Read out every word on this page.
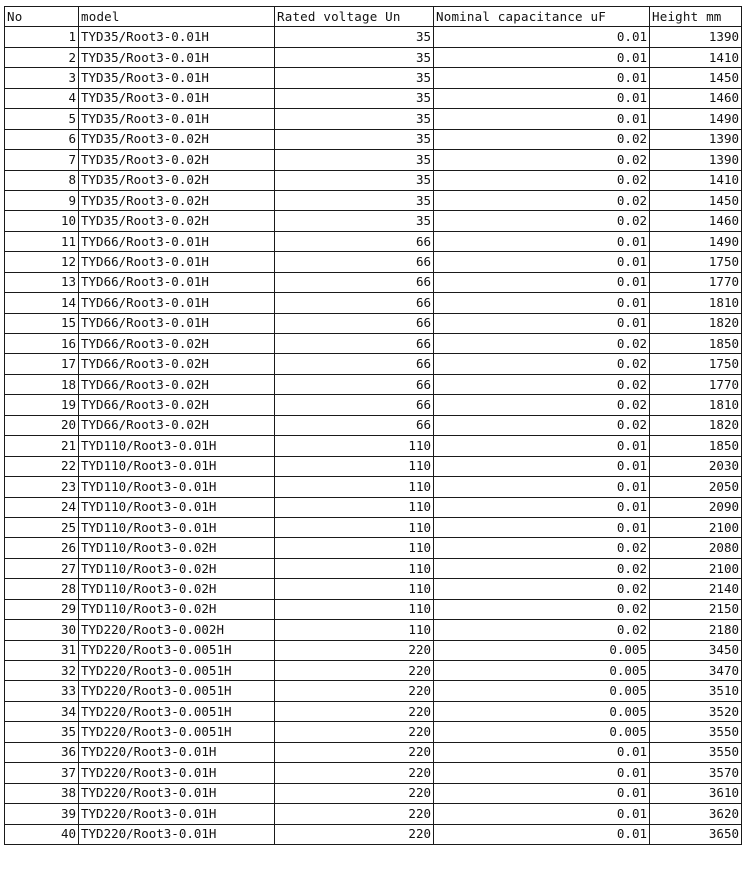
No	model	Rated voltage Un	Nominal capacitance uF	Height mm
1	TYD35/Root3-0.01H	35	0.01	1390
2	TYD35/Root3-0.01H	35	0.01	1410
3	TYD35/Root3-0.01H	35	0.01	1450
4	TYD35/Root3-0.01H	35	0.01	1460
5	TYD35/Root3-0.01H	35	0.01	1490
6	TYD35/Root3-0.02H	35	0.02	1390
7	TYD35/Root3-0.02H	35	0.02	1390
8	TYD35/Root3-0.02H	35	0.02	1410
9	TYD35/Root3-0.02H	35	0.02	1450
10	TYD35/Root3-0.02H	35	0.02	1460
11	TYD66/Root3-0.01H	66	0.01	1490
12	TYD66/Root3-0.01H	66	0.01	1750
13	TYD66/Root3-0.01H	66	0.01	1770
14	TYD66/Root3-0.01H	66	0.01	1810
15	TYD66/Root3-0.01H	66	0.01	1820
16	TYD66/Root3-0.02H	66	0.02	1850
17	TYD66/Root3-0.02H	66	0.02	1750
18	TYD66/Root3-0.02H	66	0.02	1770
19	TYD66/Root3-0.02H	66	0.02	1810
20	TYD66/Root3-0.02H	66	0.02	1820
21	TYD110/Root3-0.01H	110	0.01	1850
22	TYD110/Root3-0.01H	110	0.01	2030
23	TYD110/Root3-0.01H	110	0.01	2050
24	TYD110/Root3-0.01H	110	0.01	2090
25	TYD110/Root3-0.01H	110	0.01	2100
26	TYD110/Root3-0.02H	110	0.02	2080
27	TYD110/Root3-0.02H	110	0.02	2100
28	TYD110/Root3-0.02H	110	0.02	2140
29	TYD110/Root3-0.02H	110	0.02	2150
30	TYD220/Root3-0.002H	110	0.02	2180
31	TYD220/Root3-0.0051H	220	0.005	3450
32	TYD220/Root3-0.0051H	220	0.005	3470
33	TYD220/Root3-0.0051H	220	0.005	3510
34	TYD220/Root3-0.0051H	220	0.005	3520
35	TYD220/Root3-0.0051H	220	0.005	3550
36	TYD220/Root3-0.01H	220	0.01	3550
37	TYD220/Root3-0.01H	220	0.01	3570
38	TYD220/Root3-0.01H	220	0.01	3610
39	TYD220/Root3-0.01H	220	0.01	3620
40	TYD220/Root3-0.01H	220	0.01	3650
